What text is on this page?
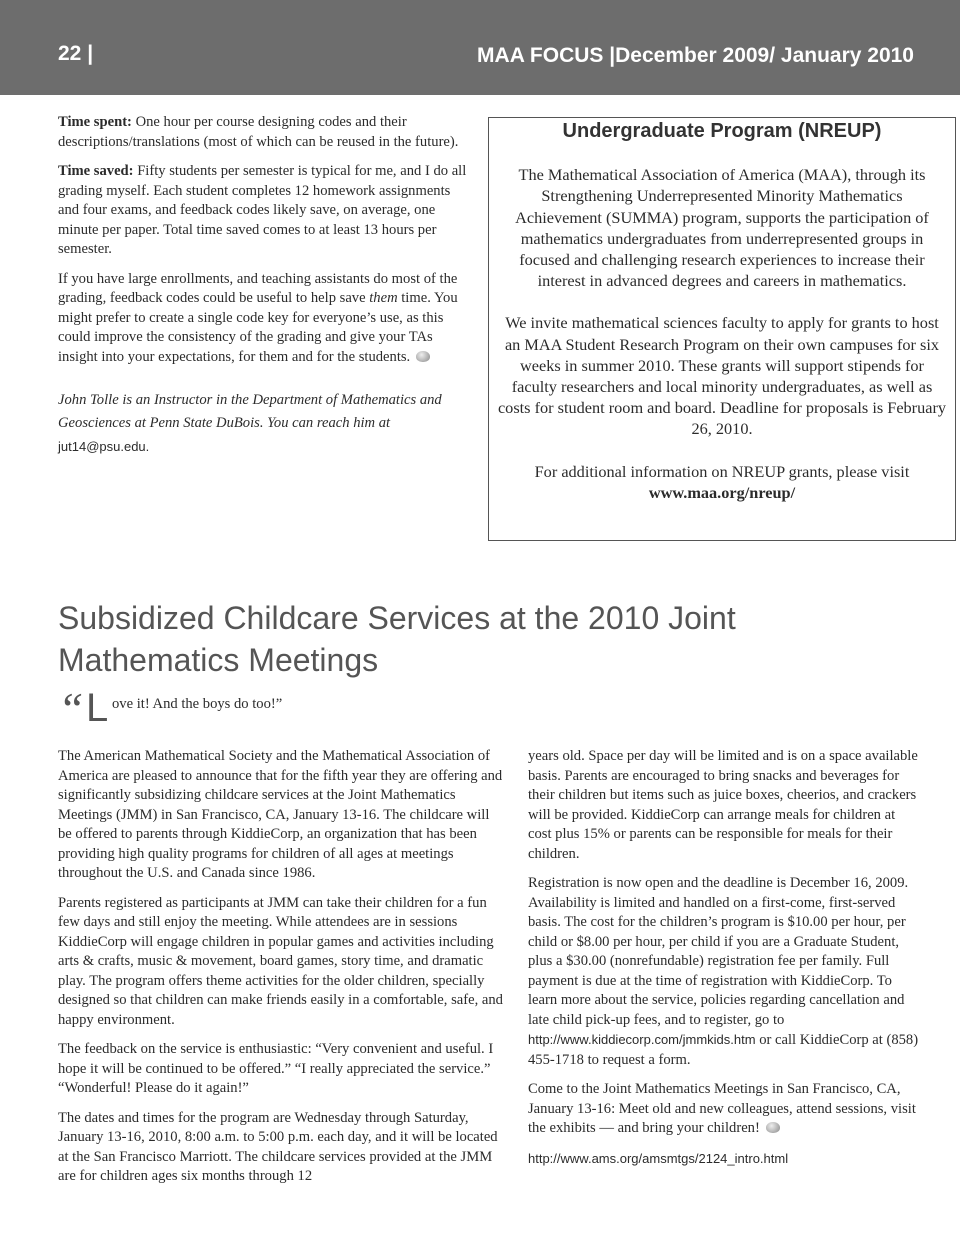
22 |	MAA FOCUS |December 2009/ January 2010

Time spent: One hour per course designing codes and their descriptions/translations (most of which can be reused in the future).

Time saved: Fifty students per semester is typical for me, and I do all grading myself. Each student completes 12 homework assignments and four exams, and feedback codes likely save, on average, one minute per paper. Total time saved comes to at least 13 hours per semester.

If you have large enrollments, and teaching assistants do most of the grading, feedback codes could be useful to help save them time. You might prefer to create a single code key for everyone’s use, as this could improve the consistency of the grading and give your TAs insight into your expectations, for them and for the students.

John Tolle is an Instructor in the Department of Mathematics and Geosciences at Penn State DuBois. You can reach him at jut14@psu.edu.

Undergraduate Program (NREUP)

The Mathematical Association of America (MAA), through its Strengthening Underrepresented Minority Mathematics Achievement (SUMMA) program, supports the participation of mathematics undergraduates from underrepresented groups in focused and challenging research experiences to increase their interest in advanced degrees and careers in mathematics.

We invite mathematical sciences faculty to apply for grants to host an MAA Student Research Program on their own campuses for six weeks in summer 2010. These grants will support stipends for faculty researchers and local minority undergraduates, as well as costs for student room and board. Deadline for proposals is February 26, 2010.

For additional information on NREUP grants, please visit
www.maa.org/nreup/

Subsidized Childcare Services at the 2010 Joint Mathematics Meetings
“ L ove it! And the boys do too!”

The American Mathematical Society and the Mathematical Association of America are pleased to announce that for the fifth year they are offering and significantly subsidizing childcare services at the Joint Mathematics Meetings (JMM) in San Francisco, CA, January 13-16. The childcare will be offered to parents through KiddieCorp, an organization that has been providing high quality programs for children of all ages at meetings throughout the U.S. and Canada since 1986.

Parents registered as participants at JMM can take their children for a fun few days and still enjoy the meeting. While attendees are in sessions KiddieCorp will engage children in popular games and activities including arts & crafts, music & movement, board games, story time, and dramatic play. The program offers theme activities for the older children, specially designed so that children can make friends easily in a comfortable, safe, and happy environment.

The feedback on the service is enthusiastic: “Very convenient and useful. I hope it will be continued to be offered.” “I really appreciated the service.” “Wonderful! Please do it again!”

The dates and times for the program are Wednesday through Saturday, January 13-16, 2010, 8:00 a.m. to 5:00 p.m. each day, and it will be located at the San Francisco Marriott. The childcare services provided at the JMM are for children ages six months through 12

years old. Space per day will be limited and is on a space available basis. Parents are encouraged to bring snacks and beverages for their children but items such as juice boxes, cheerios, and crackers will be provided. KiddieCorp can arrange meals for children at cost plus 15% or parents can be responsible for meals for their children.

Registration is now open and the deadline is December 16, 2009. Availability is limited and handled on a first-come, first-served basis. The cost for the children’s program is $10.00 per hour, per child or $8.00 per hour, per child if you are a Graduate Student, plus a $30.00 (nonrefundable) registration fee per family. Full payment is due at the time of registration with KiddieCorp. To learn more about the service, policies regarding cancellation and late child pick-up fees, and to register, go to http://www.kiddiecorp.com/jmmkids.htm or call KiddieCorp at (858) 455-1718 to request a form.

Come to the Joint Mathematics Meetings in San Francisco, CA, January 13-16: Meet old and new colleagues, attend sessions, visit the exhibits — and bring your children!

http://www.ams.org/amsmtgs/2124_intro.html
